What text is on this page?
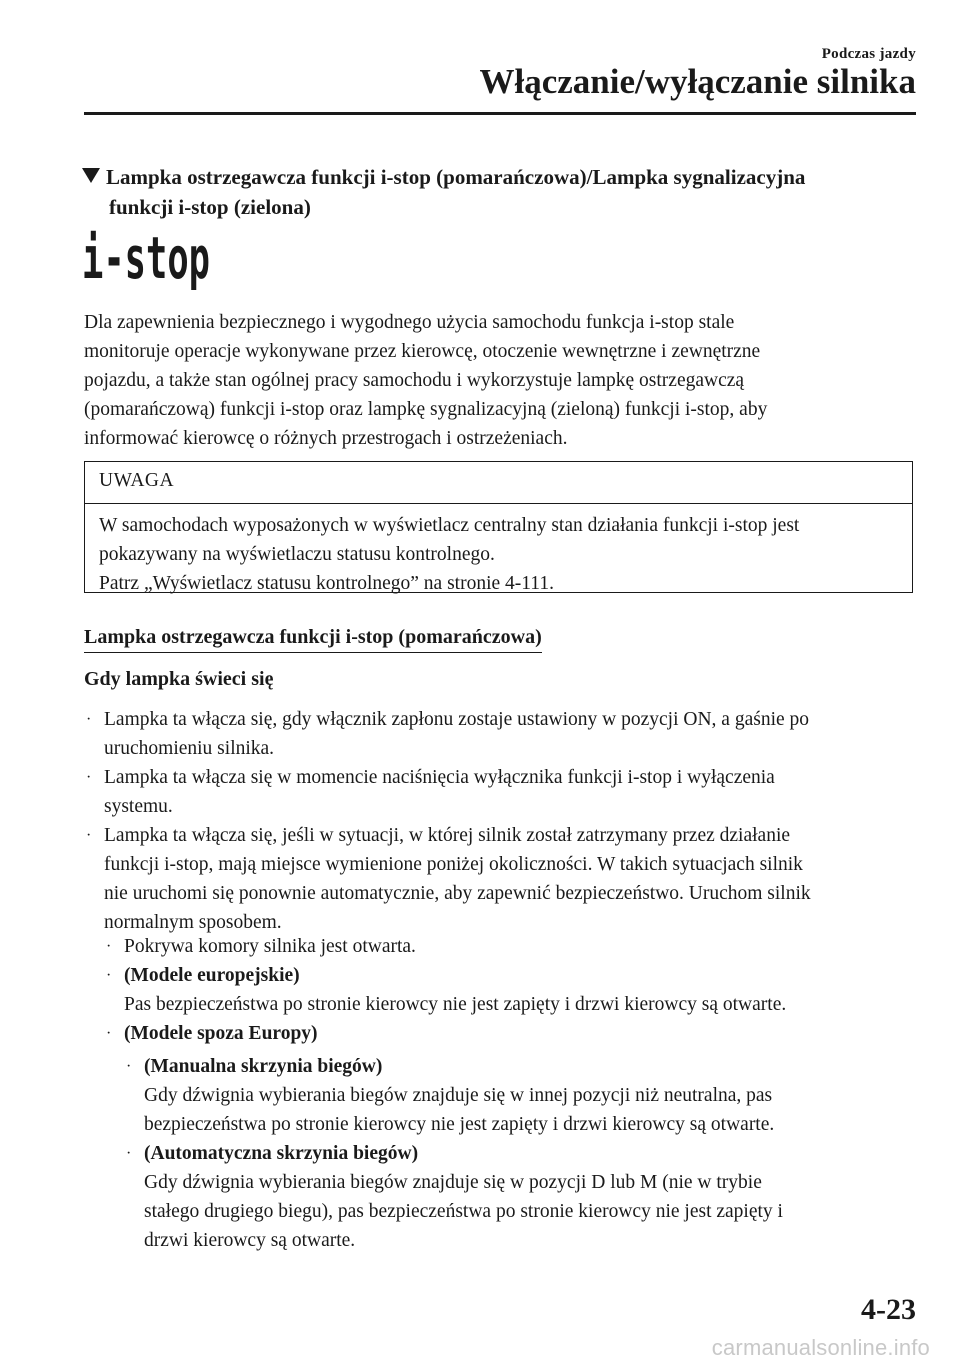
Podczas jazdy
Włączanie/wyłączanie silnika
Lampka ostrzegawcza funkcji i-stop (pomarańczowa)/Lampka sygnalizacyjna
funkcji i-stop (zielona)
i-stop
Dla zapewnienia bezpiecznego i wygodnego użycia samochodu funkcja i-stop stale
monitoruje operacje wykonywane przez kierowcę, otoczenie wewnętrzne i zewnętrzne
pojazdu, a także stan ogólnej pracy samochodu i wykorzystuje lampkę ostrzegawczą
(pomarańczową) funkcji i-stop oraz lampkę sygnalizacyjną (zieloną) funkcji i-stop, aby
informować kierowcę o różnych przestrogach i ostrzeżeniach.
UWAGA
W samochodach wyposażonych w wyświetlacz centralny stan działania funkcji i-stop jest
pokazywany na wyświetlaczu statusu kontrolnego.
Patrz „Wyświetlacz statusu kontrolnego” na stronie 4-111.
Lampka ostrzegawcza funkcji i-stop (pomarańczowa)
Gdy lampka świeci się
· Lampka ta włącza się, gdy włącznik zapłonu zostaje ustawiony w pozycji ON, a gaśnie po
uruchomieniu silnika.
· Lampka ta włącza się w momencie naciśnięcia wyłącznika funkcji i-stop i wyłączenia
systemu.
· Lampka ta włącza się, jeśli w sytuacji, w której silnik został zatrzymany przez działanie
funkcji i-stop, mają miejsce wymienione poniżej okoliczności. W takich sytuacjach silnik
nie uruchomi się ponownie automatycznie, aby zapewnić bezpieczeństwo. Uruchom silnik
normalnym sposobem.
· Pokrywa komory silnika jest otwarta.
· (Modele europejskie)
Pas bezpieczeństwa po stronie kierowcy nie jest zapięty i drzwi kierowcy są otwarte.
· (Modele spoza Europy)
· (Manualna skrzynia biegów)
Gdy dźwignia wybierania biegów znajduje się w innej pozycji niż neutralna, pas
bezpieczeństwa po stronie kierowcy nie jest zapięty i drzwi kierowcy są otwarte.
· (Automatyczna skrzynia biegów)
Gdy dźwignia wybierania biegów znajduje się w pozycji D lub M (nie w trybie
stałego drugiego biegu), pas bezpieczeństwa po stronie kierowcy nie jest zapięty i
drzwi kierowcy są otwarte.
4-23
carmanualsonline.info
